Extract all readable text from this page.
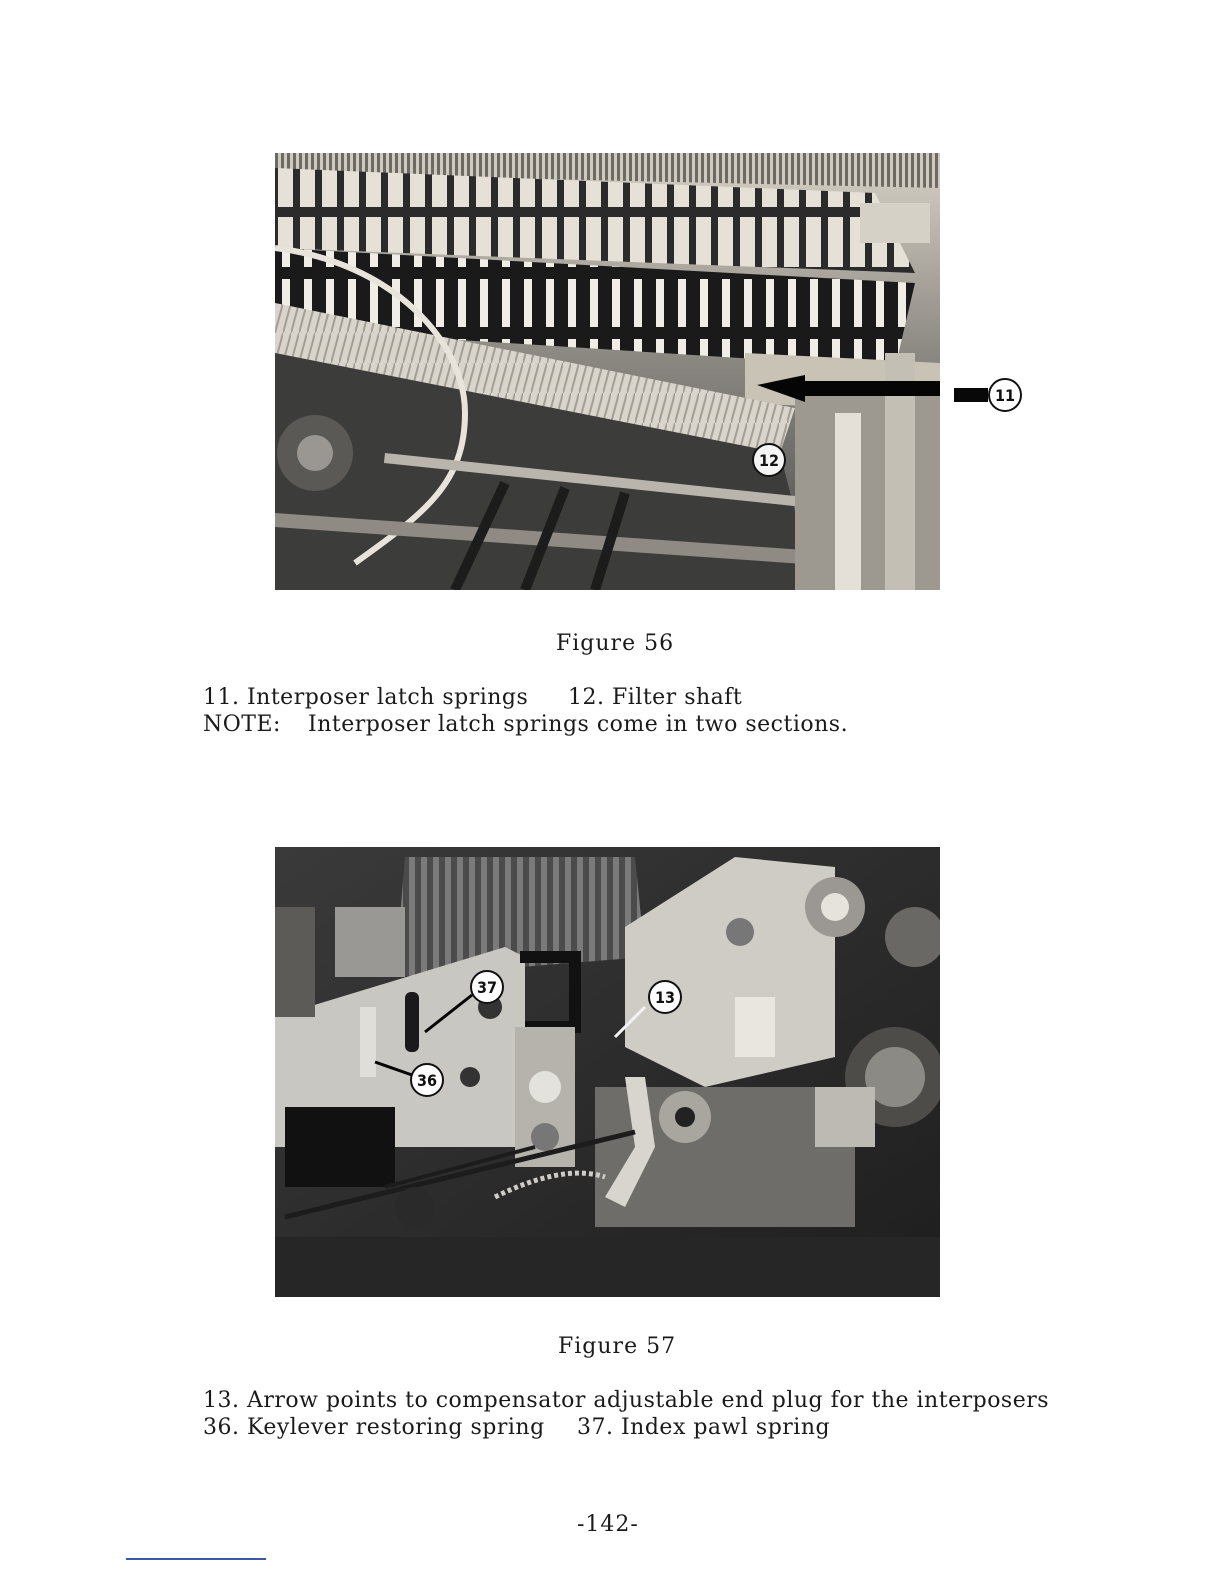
11
12
Figure 56
11. Interposer latch springs 12. Filter shaft
NOTE: Interposer latch springs come in two sections.
37
36
13
Figure 57
13. Arrow points to compensator adjustable end plug for the interposers
36. Keylever restoring spring 37. Index pawl spring
-142-
